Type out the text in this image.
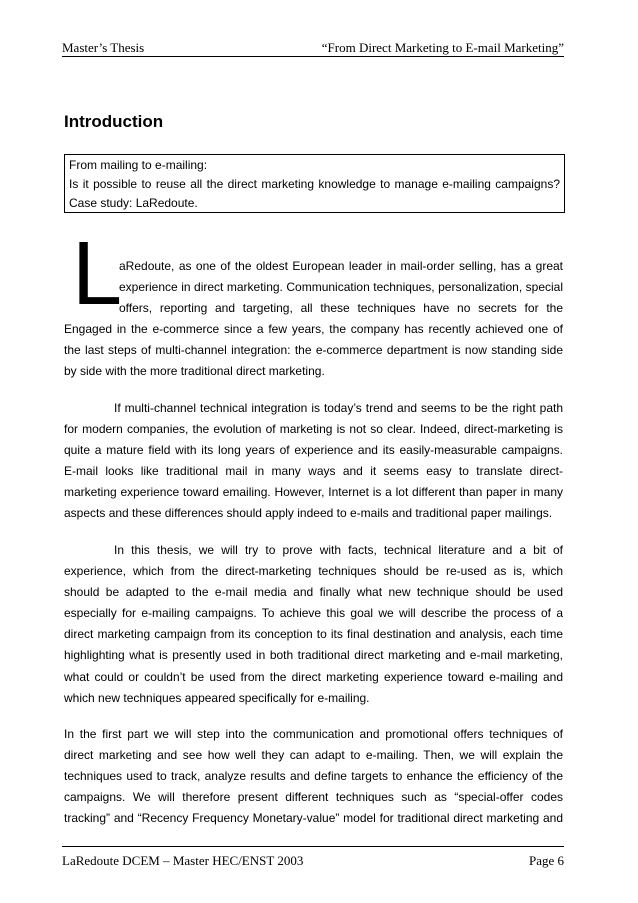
Master’s Thesis	“From Direct Marketing to E-mail Marketing”
Introduction
From mailing to e-mailing:
Is it possible to reuse all the direct marketing knowledge to manage e-mailing campaigns?
Case study: LaRedoute.
L
aRedoute, as one of the oldest European leader in mail-order selling, has a great
experience in direct marketing. Communication techniques, personalization, special
offers, reporting and targeting, all these techniques have no secrets for the
Engaged in the e-commerce since a few years, the company has recently achieved one of
the last steps of multi-channel integration: the e-commerce department is now standing side
by side with the more traditional direct marketing.
If multi-channel technical integration is today’s trend and seems to be the right path
for modern companies, the evolution of marketing is not so clear. Indeed, direct-marketing is
quite a mature field with its long years of experience and its easily-measurable campaigns.
E-mail looks like traditional mail in many ways and it seems easy to translate direct-
marketing experience toward emailing. However, Internet is a lot different than paper in many
aspects and these differences should apply indeed to e-mails and traditional paper mailings.
In this thesis, we will try to prove with facts, technical literature and a bit of
experience, which from the direct-marketing techniques should be re-used as is, which
should be adapted to the e-mail media and finally what new technique should be used
especially for e-mailing campaigns. To achieve this goal we will describe the process of a
direct marketing campaign from its conception to its final destination and analysis, each time
highlighting what is presently used in both traditional direct marketing and e-mail marketing,
what could or couldn’t be used from the direct marketing experience toward e-mailing and
which new techniques appeared specifically for e-mailing.
In the first part we will step into the communication and promotional offers techniques of
direct marketing and see how well they can adapt to e-mailing. Then, we will explain the
techniques used to track, analyze results and define targets to enhance the efficiency of the
campaigns. We will therefore present different techniques such as “special-offer codes
tracking” and “Recency Frequency Monetary-value” model for traditional direct marketing and
LaRedoute DCEM – Master HEC/ENST 2003	Page 6
